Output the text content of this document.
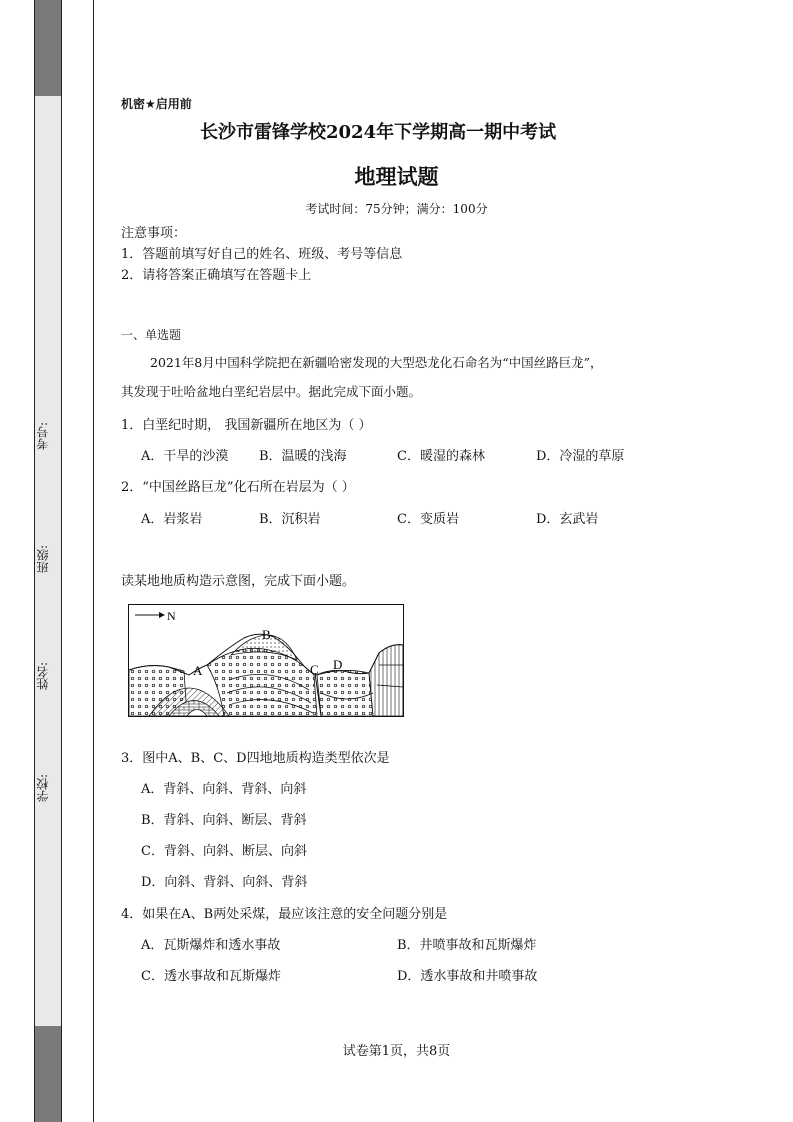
考号:
班级:
姓名:
学校:
机密★启用前
长沙市雷锋学校2024年下学期高一期中考试
地理试题
考试时间：75分钟；满分：100分
注意事项：
1．答题前填写好自己的姓名、班级、考号等信息
2．请将答案正确填写在答题卡上
一、单选题
2021年8月中国科学院把在新疆哈密发现的大型恐龙化石命名为“中国丝路巨龙”，
其发现于吐哈盆地白垩纪岩层中。据此完成下面小题。
1．白垩纪时期， 我国新疆所在地区为（ ）
A．干旱的沙漠 B．温暖的浅海	C．暖湿的森林	D．冷湿的草原
2．“中国丝路巨龙”化石所在岩层为（ ）
A．岩浆岩	B．沉积岩	C．变质岩	D．玄武岩
读某地地质构造示意图，完成下面小题。
N
A
B
C D
3．图中A、B、C、D四地地质构造类型依次是
A．背斜、向斜、背斜、向斜
B．背斜、向斜、断层、背斜
C．背斜、向斜、断层、向斜
D．向斜、背斜、向斜、背斜
4．如果在A、B两处采煤，最应该注意的安全问题分别是
A．瓦斯爆炸和透水事故	B．井喷事故和瓦斯爆炸
C．透水事故和瓦斯爆炸	D．透水事故和井喷事故
试卷第1页，共8页
